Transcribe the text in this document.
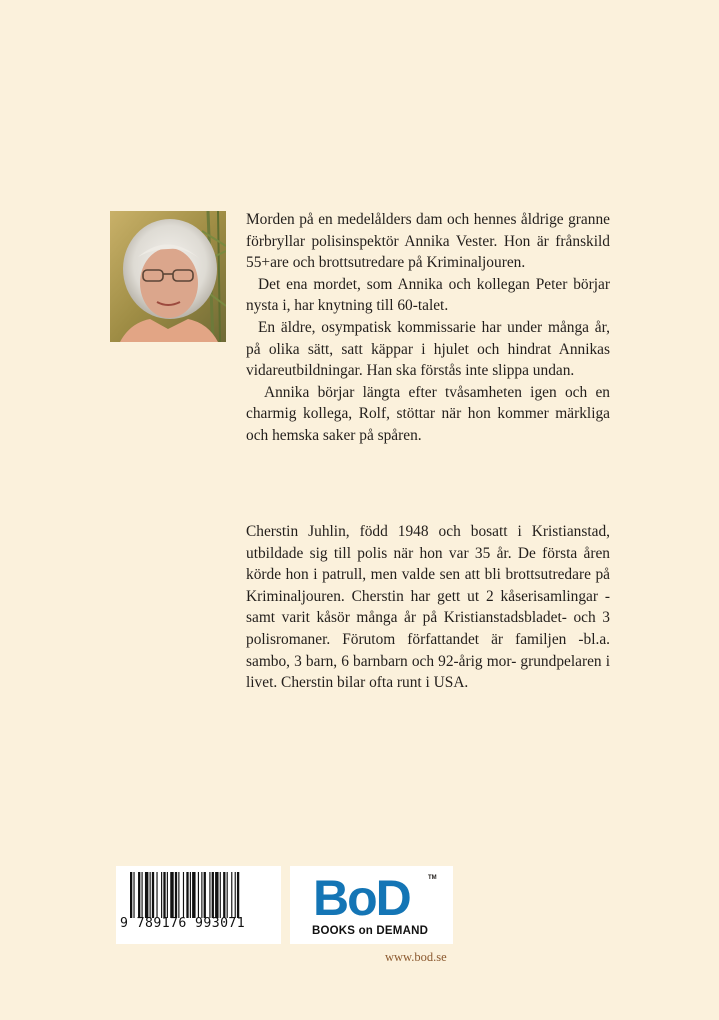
Morden på en medelålders dam och hennes åldrige granne förbryllar polisinspektör Annika Vester. Hon är frånskild 55+are och brottsutredare på Kriminaljouren.

Det ena mordet, som Annika och kollegan Peter börjar nysta i, har knytning till 60-talet.

En äldre, osympatisk kommissarie har under många år, på olika sätt, satt käppar i hjulet och hindrat Annikas vidareutbildningar. Han ska förstås inte slippa undan.

Annika börjar längta efter tvåsamheten igen och en charmig kollega, Rolf, stöttar när hon kommer märkliga och hemska saker på spåren.

Cherstin Juhlin, född 1948 och bosatt i Kristianstad, utbildade sig till polis när hon var 35 år. De första åren körde hon i patrull, men valde sen att bli brottsutredare på Kriminaljouren. Cherstin har gett ut 2 kåserisamlingar - samt varit kåsör många år på Kristianstadsbladet- och 3 polisromaner. Förutom författandet är familjen -bl.a. sambo, 3 barn, 6 barnbarn och 92-årig mor- grundpelaren i livet. Cherstin bilar ofta runt i USA.

9 789176 993071	BoD	TM
BOOKS on DEMAND
www.bod.se
